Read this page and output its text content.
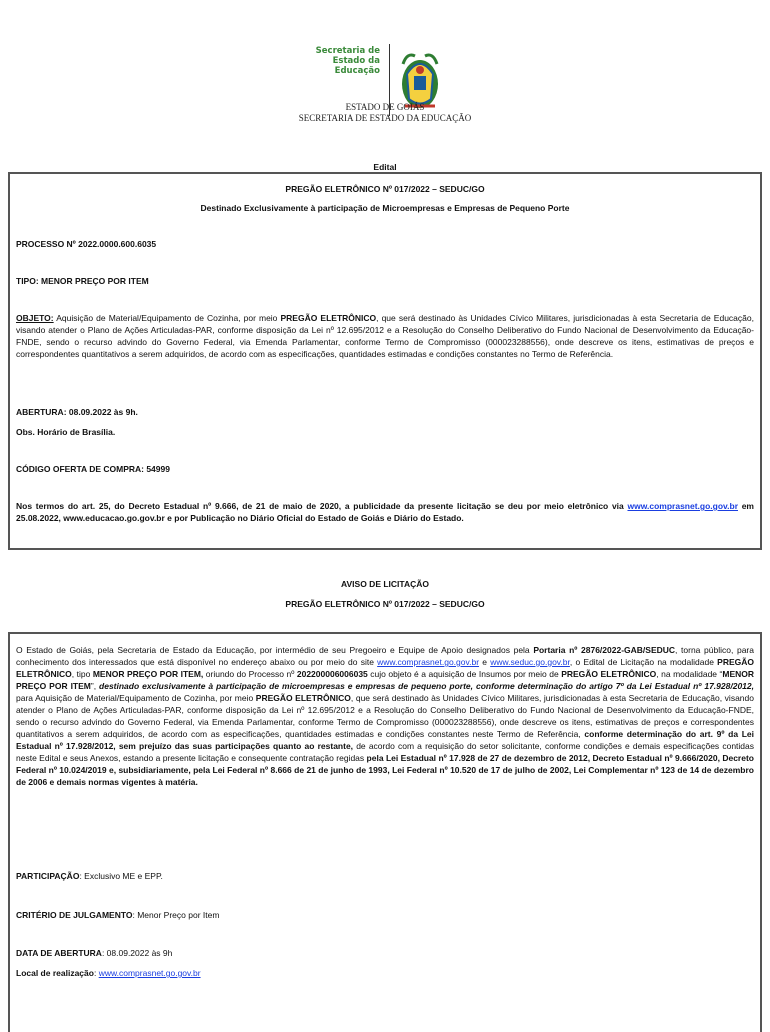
Secretaria de
Estado da
Educação
ESTADO DE GOIÁS
SECRETARIA DE ESTADO DA EDUCAÇÃO
Edital
PREGÃO ELETRÔNICO Nº 017/2022 – SEDUC/GO
Destinado Exclusivamente à participação de Microempresas e Empresas de Pequeno Porte
PROCESSO Nº 2022.0000.600.6035
TIPO: MENOR PREÇO POR ITEM
OBJETO: Aquisição de Material/Equipamento de Cozinha, por meio PREGÃO ELETRÔNICO, que será destinado às Unidades Cívico Militares, jurisdicionadas à esta Secretaria de Educação, visando atender o Plano de Ações Articuladas-PAR, conforme disposição da Lei nº 12.695/2012 e a Resolução do Conselho Deliberativo do Fundo Nacional de Desenvolvimento da Educação-FNDE, sendo o recurso advindo do Governo Federal, via Emenda Parlamentar, conforme Termo de Compromisso (000023288556), onde descreve os itens, estimativas de preços e correspondentes quantitativos a serem adquiridos, de acordo com as especificações, quantidades estimadas e condições constantes no Termo de Referência.
ABERTURA: 08.09.2022 às 9h.
Obs. Horário de Brasília.
CÓDIGO OFERTA DE COMPRA: 54999
Nos termos do art. 25, do Decreto Estadual nº 9.666, de 21 de maio de 2020, a publicidade da presente licitação se deu por meio eletrônico via www.comprasnet.go.gov.br em 25.08.2022, www.educacao.go.gov.br e por Publicação no Diário Oficial do Estado de Goiás e Diário do Estado.
AVISO DE LICITAÇÃO
PREGÃO ELETRÔNICO Nº 017/2022 – SEDUC/GO
O Estado de Goiás, pela Secretaria de Estado da Educação, por intermédio de seu Pregoeiro e Equipe de Apoio designados pela Portaria nº 2876/2022-GAB/SEDUC, torna público, para conhecimento dos interessados que está disponível no endereço abaixo ou por meio do site www.comprasnet.go.gov.br e www.seduc.go.gov.br, o Edital de Licitação na modalidade PREGÃO ELETRÔNICO, tipo MENOR PREÇO POR ITEM, oriundo do Processo nº 202200006006035 cujo objeto é a aquisição de Insumos por meio de PREGÃO ELETRÔNICO, na modalidade “MENOR PREÇO POR ITEM”, destinado exclusivamente à participação de microempresas e empresas de pequeno porte, conforme determinação do artigo 7º da Lei Estadual nº 17.928/2012, para Aquisição de Material/Equipamento de Cozinha, por meio PREGÃO ELETRÔNICO, que será destinado às Unidades Cívico Militares, jurisdicionadas à esta Secretaria de Educação, visando atender o Plano de Ações Articuladas-PAR, conforme disposição da Lei nº 12.695/2012 e a Resolução do Conselho Deliberativo do Fundo Nacional de Desenvolvimento da Educação-FNDE, sendo o recurso advindo do Governo Federal, via Emenda Parlamentar, conforme Termo de Compromisso (000023288556), onde descreve os itens, estimativas de preços e correspondentes quantitativos a serem adquiridos, de acordo com as especificações, quantidades estimadas e condições constantes neste Termo de Referência, conforme determinação do art. 9º da Lei Estadual nº 17.928/2012, sem prejuízo das suas participações quanto ao restante, de acordo com a requisição do setor solicitante, conforme condições e demais especificações contidas neste Edital e seus Anexos, estando a presente licitação e consequente contratação regidas pela Lei Estadual nº 17.928 de 27 de dezembro de 2012, Decreto Estadual nº 9.666/2020, Decreto Federal nº 10.024/2019 e, subsidiariamente, pela Lei Federal nº 8.666 de 21 de junho de 1993, Lei Federal nº 10.520 de 17 de julho de 2002, Lei Complementar nº 123 de 14 de dezembro de 2006 e demais normas vigentes à matéria.
PARTICIPAÇÃO: Exclusivo ME e EPP.
CRITÉRIO DE JULGAMENTO: Menor Preço por Item
DATA DE ABERTURA: 08.09.2022 às 9h
Local de realização: www.comprasnet.go.gov.br
